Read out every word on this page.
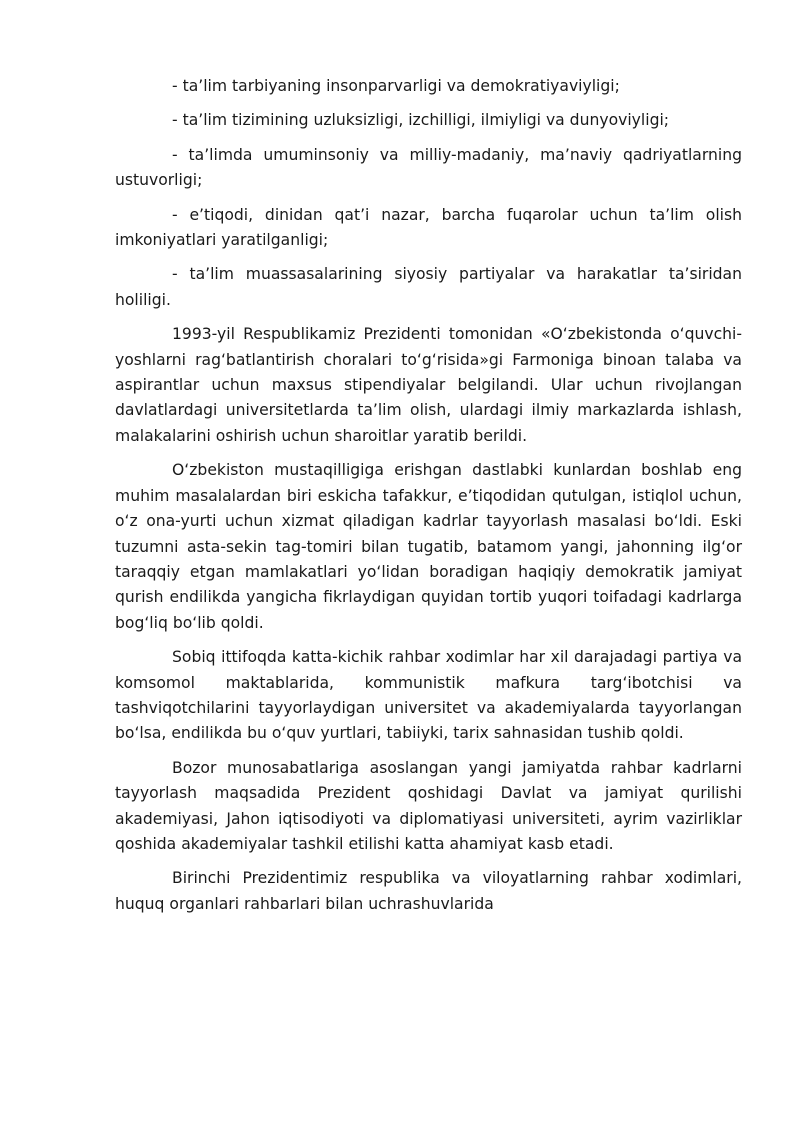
- ta’lim tarbiyaning insonparvarligi va demokratiyaviyligi;

- ta’lim tizimining uzluksizligi, izchilligi, ilmiyligi va dunyoviyligi;

- ta’limda umuminsoniy va milliy-madaniy, ma’naviy qadriyatlarning ustuvorligi;

- e’tiqodi, dinidan qat’i nazar, barcha fuqarolar uchun ta’lim olish imkoniyatlari yaratilganligi;

- ta’lim muassasalarining siyosiy partiyalar va harakatlar ta’siridan holiligi.

1993-yil Respublikamiz Prezidenti tomonidan «O‘zbekistonda o‘quvchi- yoshlarni rag‘batlantirish choralari to‘g‘risida»gi Farmoniga binoan talaba va aspirantlar uchun maxsus stipendiyalar belgilandi. Ular uchun rivojlangan davlatlardagi universitetlarda ta’lim olish, ulardagi ilmiy markazlarda ishlash, malakalarini oshirish uchun sharoitlar yaratib berildi.

O‘zbekiston mustaqilligiga erishgan dastlabki kunlardan boshlab eng muhim masalalardan biri eskicha tafakkur, e’tiqodidan qutulgan, istiqlol uchun, o‘z ona-yurti uchun xizmat qiladigan kadrlar tayyorlash masalasi bo‘ldi. Eski tuzumni asta-sekin tag-tomiri bilan tugatib, batamom yangi, jahonning ilg‘or taraqqiy etgan mamlakatlari yo‘lidan boradigan haqiqiy demokratik jamiyat qurish endilikda yangicha fikrlaydigan quyidan tortib yuqori toifadagi kadrlarga bog‘liq bo‘lib qoldi.

Sobiq ittifoqda katta-kichik rahbar xodimlar har xil darajadagi partiya va komsomol maktablarida, kommunistik mafkura targ‘ibotchisi va tashviqotchilarini tayyorlaydigan universitet va akademiyalarda tayyorlangan bo‘lsa, endilikda bu o‘quv yurtlari, tabiiyki, tarix sahnasidan tushib qoldi.

Bozor munosabatlariga asoslangan yangi jamiyatda rahbar kadrlarni tayyorlash maqsadida Prezident qoshidagi Davlat va jamiyat qurilishi akademiyasi, Jahon iqtisodiyoti va diplomatiyasi universiteti, ayrim vazirliklar qoshida akademiyalar tashkil etilishi katta ahamiyat kasb etadi.

Birinchi Prezidentimiz respublika va viloyatlarning rahbar xodimlari, huquq organlari rahbarlari bilan uchrashuvlarida
